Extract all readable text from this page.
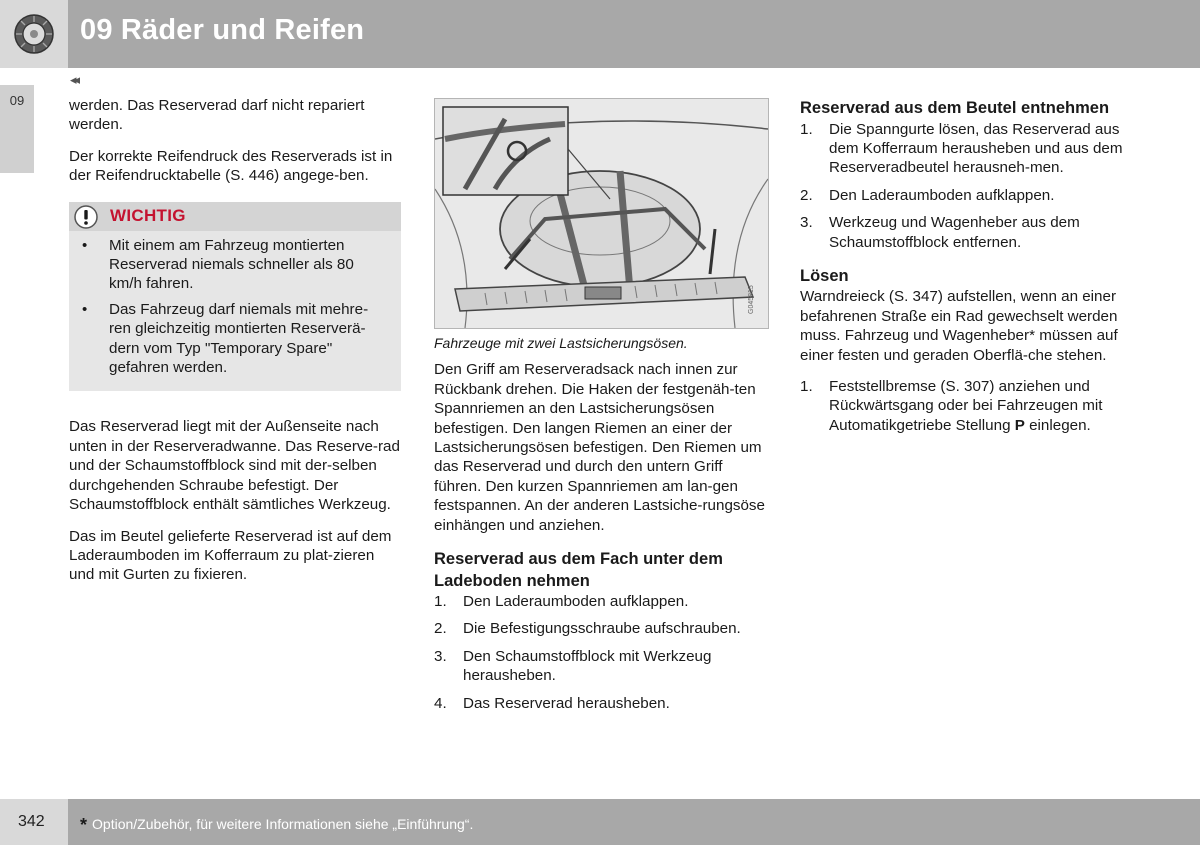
09 Räder und Reifen
◂◂
09	werden. Das Reserverad darf nicht repariert werden.

Der korrekte Reifendruck des Reserverads ist in der Reifendrucktabelle (S. 446) angege-ben.

WICHTIG
• Mit einem am Fahrzeug montierten Reserverad niemals schneller als 80 km/h fahren.
• Das Fahrzeug darf niemals mit mehre-ren gleichzeitig montierten Reserverä-dern vom Typ "Temporary Spare" gefahren werden.

Das Reserverad liegt mit der Außenseite nach unten in der Reserveradwanne. Das Reserve-rad und der Schaumstoffblock sind mit der-selben durchgehenden Schraube befestigt. Der Schaumstoffblock enthält sämtliches Werkzeug.

Das im Beutel gelieferte Reserverad ist auf dem Laderaumboden im Kofferraum zu plat-zieren und mit Gurten zu fixieren.

G045815
Fahrzeuge mit zwei Lastsicherungsösen.

Den Griff am Reserveradsack nach innen zur Rückbank drehen. Die Haken der festgenäh-ten Spannriemen an den Lastsicherungsösen befestigen. Den langen Riemen an einer der Lastsicherungsösen befestigen. Den Riemen um das Reserverad und durch den untern Griff führen. Den kurzen Spannriemen am lan-gen festspannen. An der anderen Lastsiche-rungsöse einhängen und anziehen.

Reserverad aus dem Fach unter dem Ladeboden nehmen
1. Den Laderaumboden aufklappen.
2. Die Befestigungsschraube aufschrauben.
3. Den Schaumstoffblock mit Werkzeug herausheben.
4. Das Reserverad herausheben.
Reserverad aus dem Beutel entnehmen
1. Die Spanngurte lösen, das Reserverad aus dem Kofferraum herausheben und aus dem Reserveradbeutel herausneh-men.
2. Den Laderaumboden aufklappen.
3. Werkzeug und Wagenheber aus dem Schaumstoffblock entfernen.
Lösen

Warndreieck (S. 347) aufstellen, wenn an einer befahrenen Straße ein Rad gewechselt werden muss. Fahrzeug und Wagenheber* müssen auf einer festen und geraden Oberflä-che stehen.

1. Feststellbremse (S. 307) anziehen und Rückwärtsgang oder bei Fahrzeugen mit Automatikgetriebe Stellung P einlegen.
342 * Option/Zubehör, für weitere Informationen siehe „Einführung“.
